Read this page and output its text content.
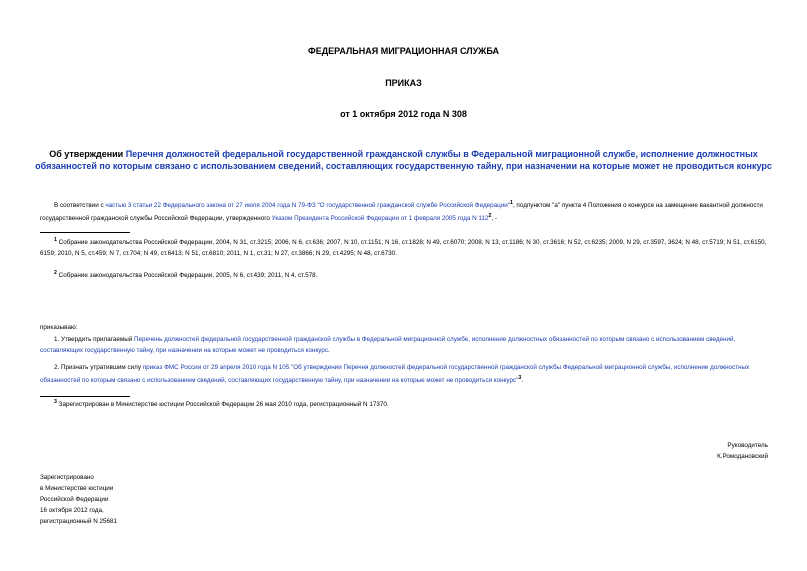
ФЕДЕРАЛЬНАЯ МИГРАЦИОННАЯ СЛУЖБА
ПРИКАЗ
от 1 октября 2012 года N 308
Об утверждении Перечня должностей федеральной государственной гражданской службы в Федеральной миграционной службе, исполнение должностных обязанностей по которым связано с использованием сведений, составляющих государственную тайну, при назначении на которые может не проводиться конкурс
В соответствии с частью 3 статьи 22 Федерального закона от 27 июля 2004 года N 79-ФЗ "О государственной гражданской службе Российской Федерации"$^1$, подпунктом "а" пункта 4 Положения о конкурсе на замещение вакантной должности государственной гражданской службы Российской Федерации, утвержденного Указом Президента Российской Федерации от 1 февраля 2005 года N $112^2$, -
$^1$ Собрание законодательства Российской Федерации, 2004, N 31, ст.3215; 2006, N 6, ст.636; 2007, N 10, ст.1151; N 16, ст.1828; N 49, ст.6070; 2008, N 13, ст.1186; N 30, ст.3616; N 52, ст.6235; 2009, N 29, ст.3597, 3624; N 48, ст.5719; N 51, ст.6150, 6159; 2010, N 5, ст.459; N 7, ст.704; N 49, ст.6413; N 51, ст.6810; 2011, N 1, ст.31; N 27, ст.3866; N 29, ст.4295; N 48, ст.6730.
$^2$ Собрание законодательства Российской Федерации, 2005, N 6, ст.439; 2011, N 4, ст.578.
приказываю:
1. Утвердить прилагаемый Перечень должностей федеральной государственной гражданской службы в Федеральной миграционной службе, исполнение должностных обязанностей по которым связано с использованием сведений, составляющих государственную тайну, при назначении на которые может не проводиться конкурс.
2. Признать утратившим силу приказ ФМС России от 29 апреля 2010 года N 105 "Об утверждении Перечня должностей федеральной государственной гражданской службы Федеральной миграционной службы, исполнение должностных обязанностей по которым связано с использованием сведений, составляющих государственную тайну, при назначении на которые может не проводиться конкурс"$^3$.
$^3$ Зарегистрирован в Министерстве юстиции Российской Федерации 26 мая 2010 года, регистрационный N 17370.
Руководитель
К.Ромодановский
Зарегистрировано
в Министерстве юстиции
Российской Федерации
16 октября 2012 года,
регистрационный N 25681
